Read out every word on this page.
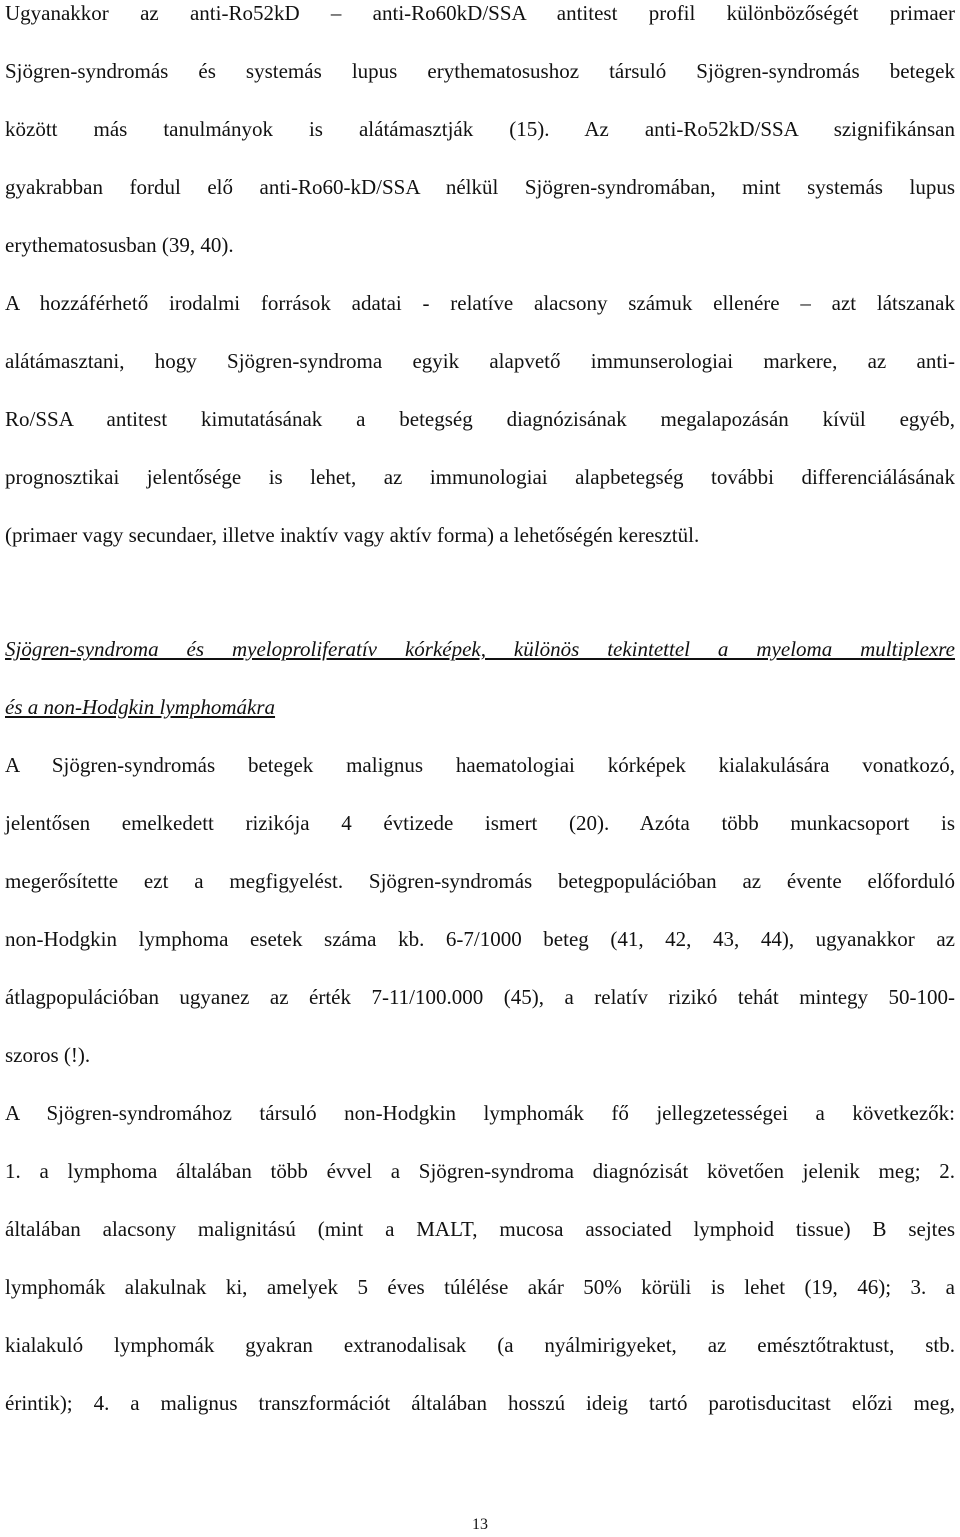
Ugyanakkor az anti-Ro52kD – anti-Ro60kD/SSA antitest profil különbözőségét primaer
Sjögren-syndromás és systemás lupus erythematosushoz társuló Sjögren-syndromás betegek
között más tanulmányok is alátámasztják (15). Az anti-Ro52kD/SSA szignifikánsan
gyakrabban fordul elő anti-Ro60-kD/SSA nélkül Sjögren-syndromában, mint systemás lupus
erythematosusban (39, 40).
A hozzáférhető irodalmi források adatai - relatíve alacsony számuk ellenére – azt látszanak
alátámasztani, hogy Sjögren-syndroma egyik alapvető immunserologiai markere, az anti-
Ro/SSA antitest kimutatásának a betegség diagnózisának megalapozásán kívül egyéb,
prognosztikai jelentősége is lehet, az immunologiai alapbetegség további differenciálásának
(primaer vagy secundaer, illetve inaktív vagy aktív forma) a lehetőségén keresztül.
Sjögren-syndroma és myeloproliferatív kórképek, különös tekintettel a myeloma multiplexre
és a non-Hodgkin lymphomákra
A Sjögren-syndromás betegek malignus haematologiai kórképek kialakulására vonatkozó,
jelentősen emelkedett rizikója 4 évtizede ismert (20). Azóta több munkacsoport is
megerősítette ezt a megfigyelést. Sjögren-syndromás betegpopulációban az évente előforduló
non-Hodgkin lymphoma esetek száma kb. 6-7/1000 beteg (41, 42, 43, 44), ugyanakkor az
átlagpopulációban ugyanez az érték 7-11/100.000 (45), a relatív rizikó tehát mintegy 50-100-
szoros (!).
A Sjögren-syndromához társuló non-Hodgkin lymphomák fő jellegzetességei a következők:
1. a lymphoma általában több évvel a Sjögren-syndroma diagnózisát követően jelenik meg; 2.
általában alacsony malignitású (mint a MALT, mucosa associated lymphoid tissue) B sejtes
lymphomák alakulnak ki, amelyek 5 éves túlélése akár 50% körüli is lehet (19, 46); 3. a
kialakuló lymphomák gyakran extranodalisak (a nyálmirigyeket, az emésztőtraktust, stb.
érintik); 4. a malignus transzformációt általában hosszú ideig tartó parotisducitast előzi meg,
13
